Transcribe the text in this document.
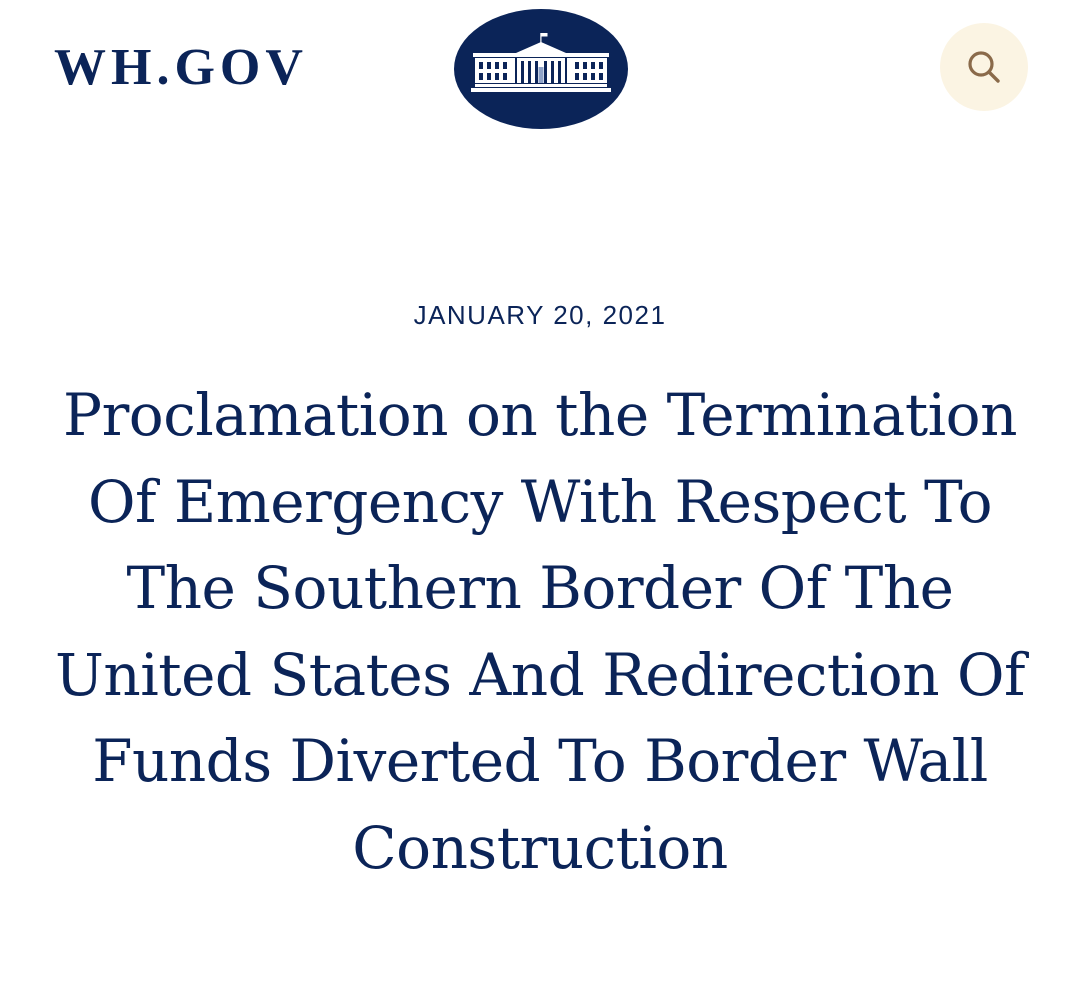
WH.GOV
JANUARY 20, 2021
Proclamation on the Termination Of Emergency With Respect To The Southern Border Of The United States And Redirection Of Funds Diverted To Border Wall Construction
